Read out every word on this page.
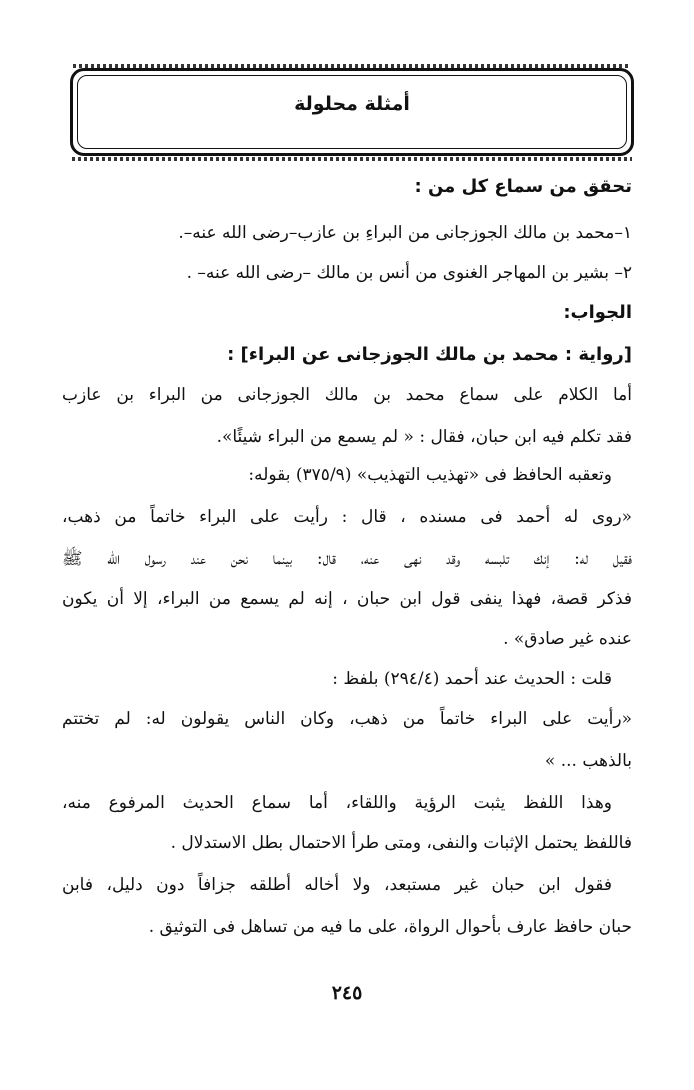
أمثلة محلولة
تحقق من سماع كل من :
١–محمد بن مالك الجوزجانى من البراءِ بن عازب–رضى الله عنه–.
٢– بشير بن المهاجر الغنوى من أنس بن مالك –رضى الله عنه– .
الجواب:
[رواية : محمد بن مالك الجوزجانى عن البراء] :
أما الكلام على سماع محمد بن مالك الجوزجانى من البراء بن عازب
فقد تكلم فيه ابن حبان، فقال : « لم يسمع من البراء شيئًا».
وتعقبه الحافظ فى «تهذيب التهذيب» (٣٧٥/٩) بقوله:
«روى له أحمد فى مسنده ، قال : رأيت على البراء خاتماً من ذهب،
فقيل له: إنك تلبسه وقد نهى عنه، قال: بينما نحن عند رسول الله ﷺ
فذكر قصة، فهذا ينفى قول ابن حبان ، إنه لم يسمع من البراء، إلا أن يكون
عنده غير صادق» .
قلت : الحديث عند أحمد (٢٩٤/٤) بلفظ :
«رأيت على البراء خاتماً من ذهب، وكان الناس يقولون له: لم تختتم
بالذهب ... »
وهذا اللفظ يثبت الرؤية واللقاء، أما سماع الحديث المرفوع منه،
فاللفظ يحتمل الإثبات والنفى، ومتى طرأ الاحتمال بطل الاستدلال .
فقول ابن حبان غير مستبعد، ولا أخاله أطلقه جزافاً دون دليل، فابن
حبان حافظ عارف بأحوال الرواة، على ما فيه من تساهل فى التوثيق .
٢٤٥
